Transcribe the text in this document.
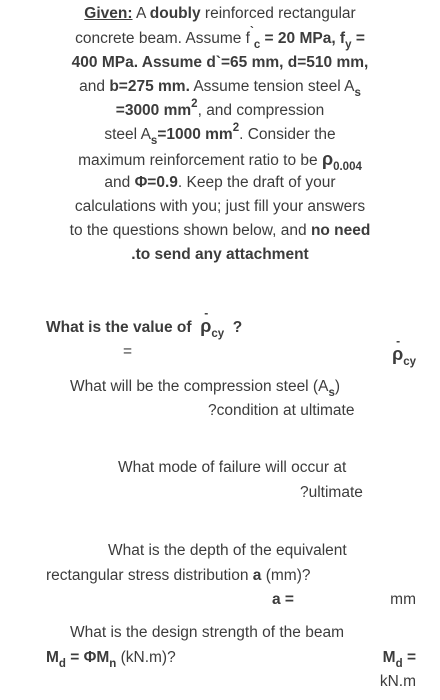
Given: A doubly reinforced rectangular
concrete beam. Assume $f^`_c = 20$ MPa, $f_y$ =
400 MPa. Assume d`=65 mm, d=510 mm,
and b=275 mm. Assume tension steel $A_s$
=3000 $mm^2$, and compression
steel $A_s=1000$ $mm^2$. Consider the
maximum reinforcement ratio to be $\rho_{0.004}$
and Φ=0.9. Keep the draft of your
calculations with you; just fill your answers
to the questions shown below, and no need
.to send any attachment
What is the value of - $\rho_{cy}$ ?
=	- $\rho_{cy}$
What will be the compression steel $(A_s)$
?condition at ultimate
What mode of failure will occur at
?ultimate
What is the depth of the equivalent
rectangular stress distribution a (mm)?
a =	mm
What is the design strength of the beam
$M_d = \Phi M_n$ (kN.m)?	$M_d$ =
kN.m
